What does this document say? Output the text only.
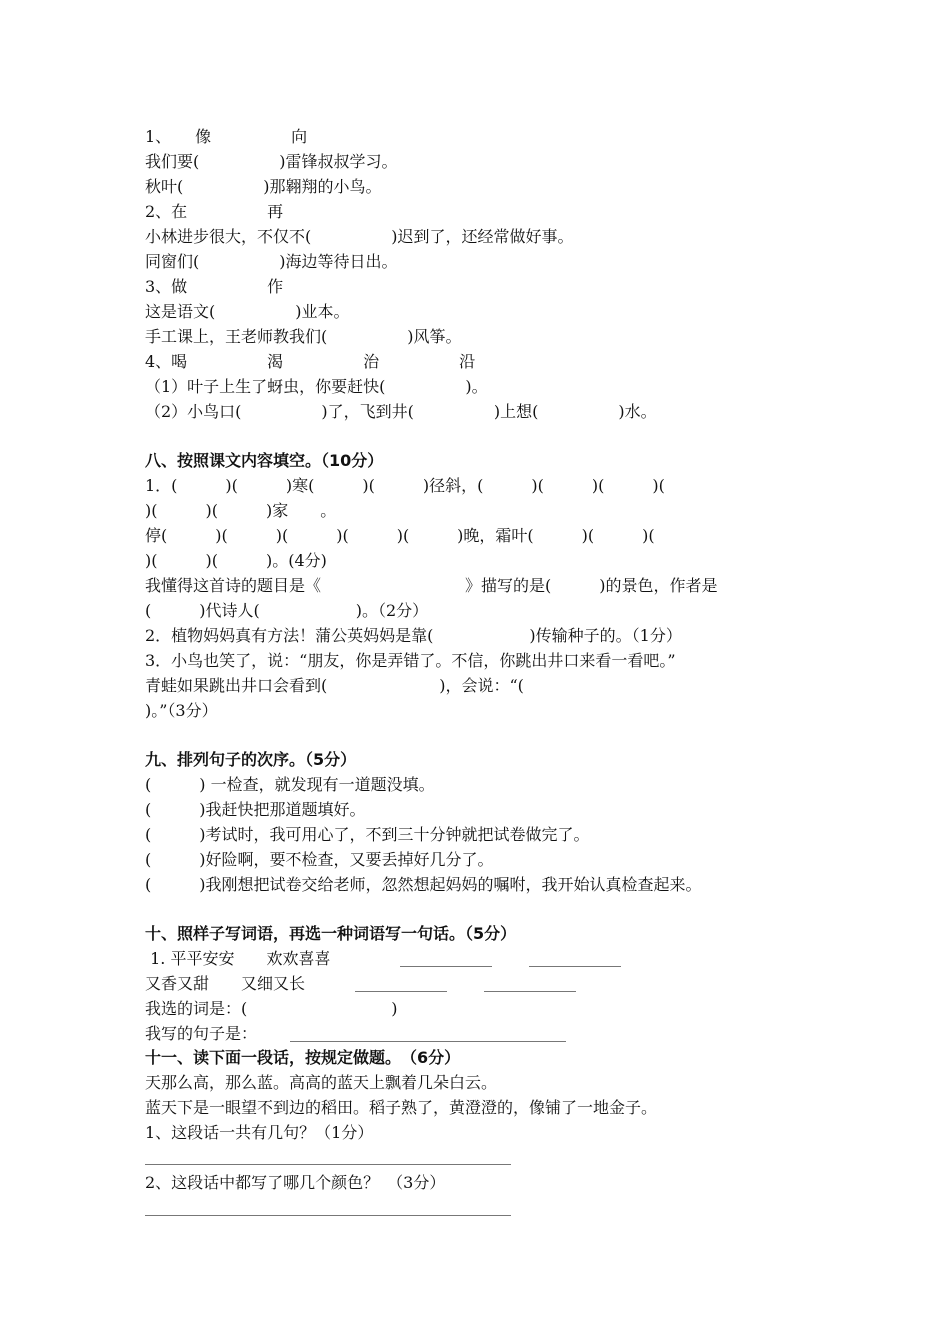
1、　　像　　　　　向
我们要(　　　　　)雷锋叔叔学习。
秋叶(　　　　　)那翱翔的小鸟。
2、在　　　　　再
小林进步很大，不仅不(　　　　　)迟到了，还经常做好事。
同窗们(　　　　　)海边等待日出。
3、做　　　　　作
这是语文(　　　　　)业本。
手工课上，王老师教我们(　　　　　)风筝。
4、喝　　　　　渴　　　　　治　　　　　沿
（1）叶子上生了蚜虫，你要赶快(　　　　　)。
（2）小鸟口(　　　　　)了，飞到井(　　　　　)上想(　　　　　)水。
八、按照课文内容填空。（10分）
1．(　　　)(　　　)寒(　　　)(　　　)径斜，(　　　)(　　　)(　　　)(
)(　　　)(　　　)家　　。
停(　　　)(　　　)(　　　)(　　　)(　　　)晚，霜叶(　　　)(　　　)(
)(　　　)(　　　)。(4分)
我懂得这首诗的题目是《　　　　　　　　　》描写的是(　　　)的景色，作者是
(　　　)代诗人(　　　　　　)。（2分）
2．植物妈妈真有方法！蒲公英妈妈是靠(　　　　　　)传输种子的。（1分）
3．小鸟也笑了，说：“朋友，你是弄错了。不信，你跳出井口来看一看吧。”
青蛙如果跳出井口会看到(　　　　　　　)，会说：“(
)。”（3分）
九、排列句子的次序。（5分）
(　　　) 一检查，就发现有一道题没填。
(　　　)我赶快把那道题填好。
(　　　)考试时，我可用心了，不到三十分钟就把试卷做完了。
(　　　)好险啊，要不检查，又要丢掉好几分了。
(　　　)我刚想把试卷交给老师，忽然想起妈妈的嘱咐，我开始认真检查起来。
十、照样子写词语，再选一种词语写一句话。（5分）
1. 平平安安　　欢欢喜喜
又香又甜　　又细又长
我选的词是：(　　　　　　　　　)
我写的句子是：
十一、读下面一段话，按规定做题。　（6分）
天那么高，那么蓝。高高的蓝天上飘着几朵白云。
蓝天下是一眼望不到边的稻田。稻子熟了，黄澄澄的，像铺了一地金子。
1、这段话一共有几句？（1分）
2、这段话中都写了哪几个颜色？　（3分）
